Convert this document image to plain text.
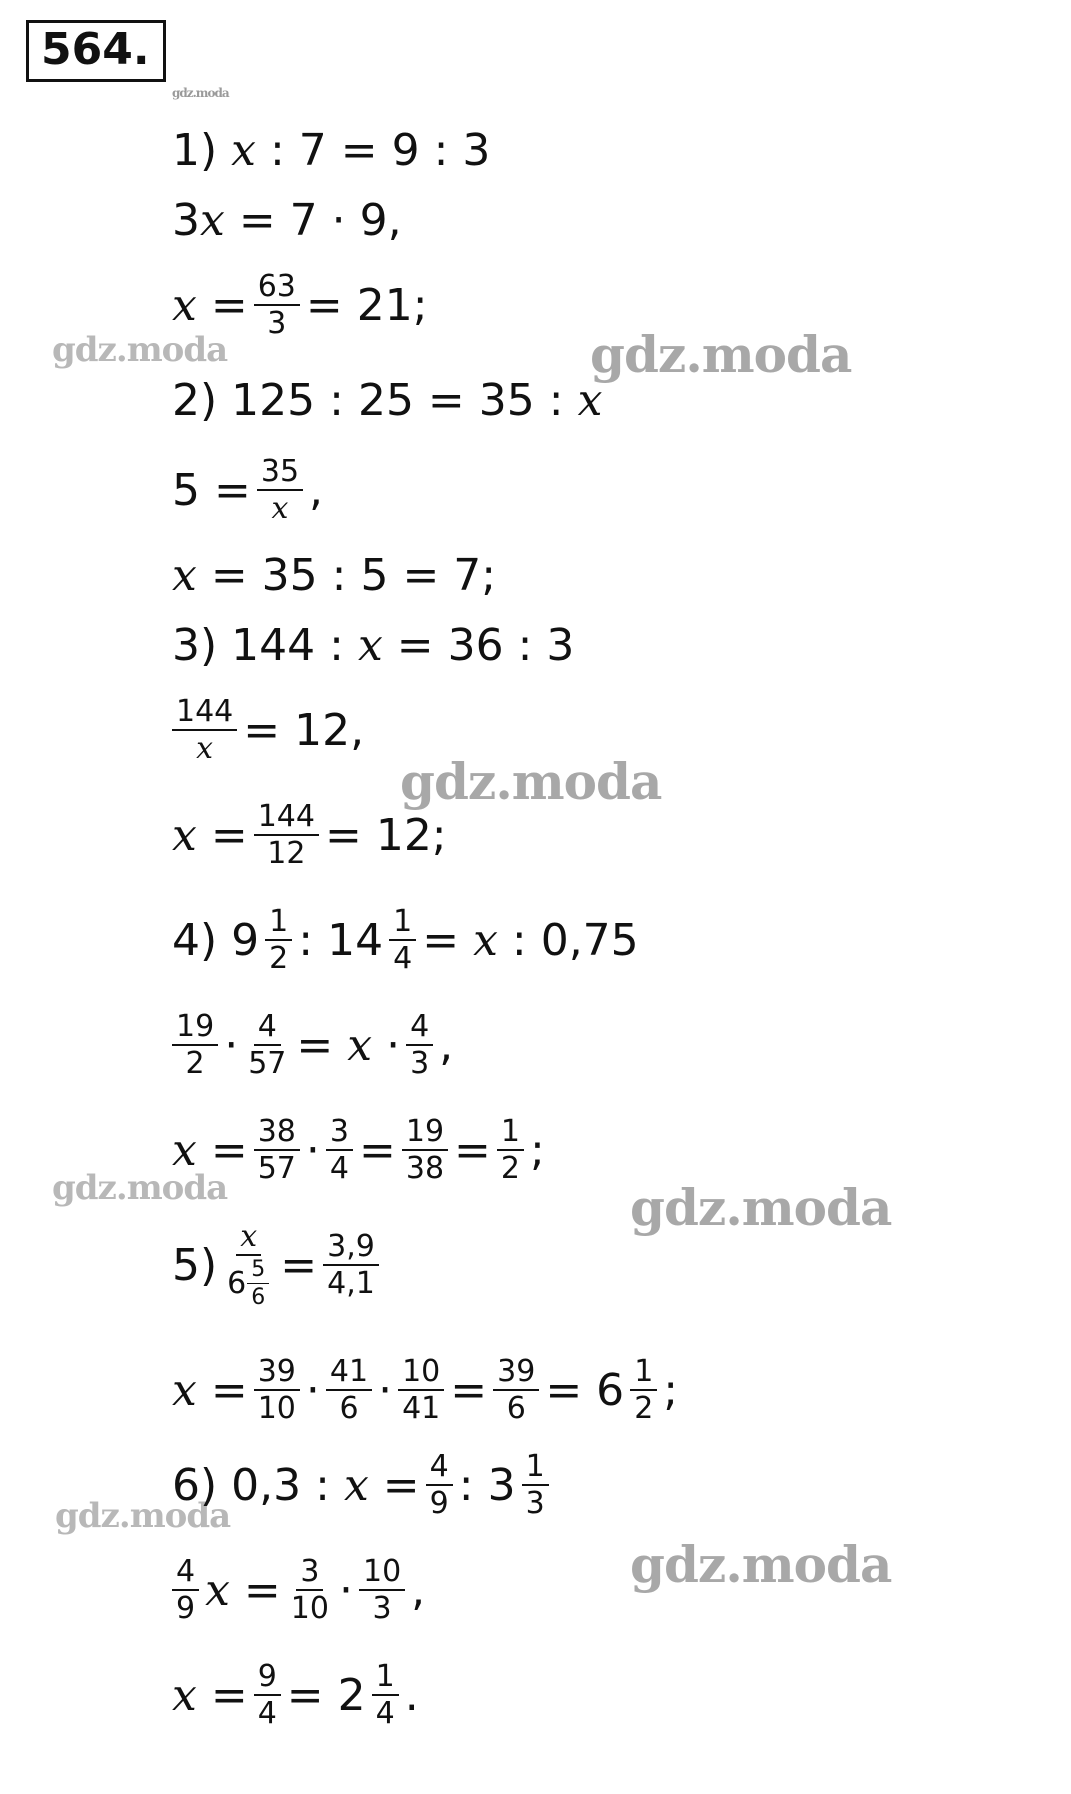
564.
gdz.moda
gdz.moda	gdz.moda
gdz.moda
gdz.moda	gdz.moda
gdz.moda
gdz.moda
1) x
: 7 = 9 : 3
3 x
= 7 · 9,
x
= $\frac{63}{3} = 21$;
2)
125 : 25 = 35 :
x
$5 = \frac{35}{x}$ ,
x
= 35 : 5 = 7;
3)
144 :
x
= 36 : 3
$\frac{144}{x} = 12$,
x
= $\frac{144}{12} = 12$;
4)
9 1
2 :
14 1
4 =
x
: 0,75
19
$2 \cdot \frac{4}{57}$ =
x
· 4
3 ,
x
= $\frac{38}{57} \cdot \frac{3}{4} = \frac{19}{38} = \frac{1}{2}$ ;
5) x
6 5
$6 = \frac{3,9}{4,1}$
x
= $\frac{39}{10} \cdot 41$
$6 \cdot \frac{10}{41} = \frac{39}{6} = 6$ 1
2 ;
6)
0,3 :
x
= $\frac{4}{9}$ : 3 1
3
4
9 x
= $\frac{3}{10} \cdot 10$
3 ,
x
= $\frac{9}{4} = 2$ 1
4 .
